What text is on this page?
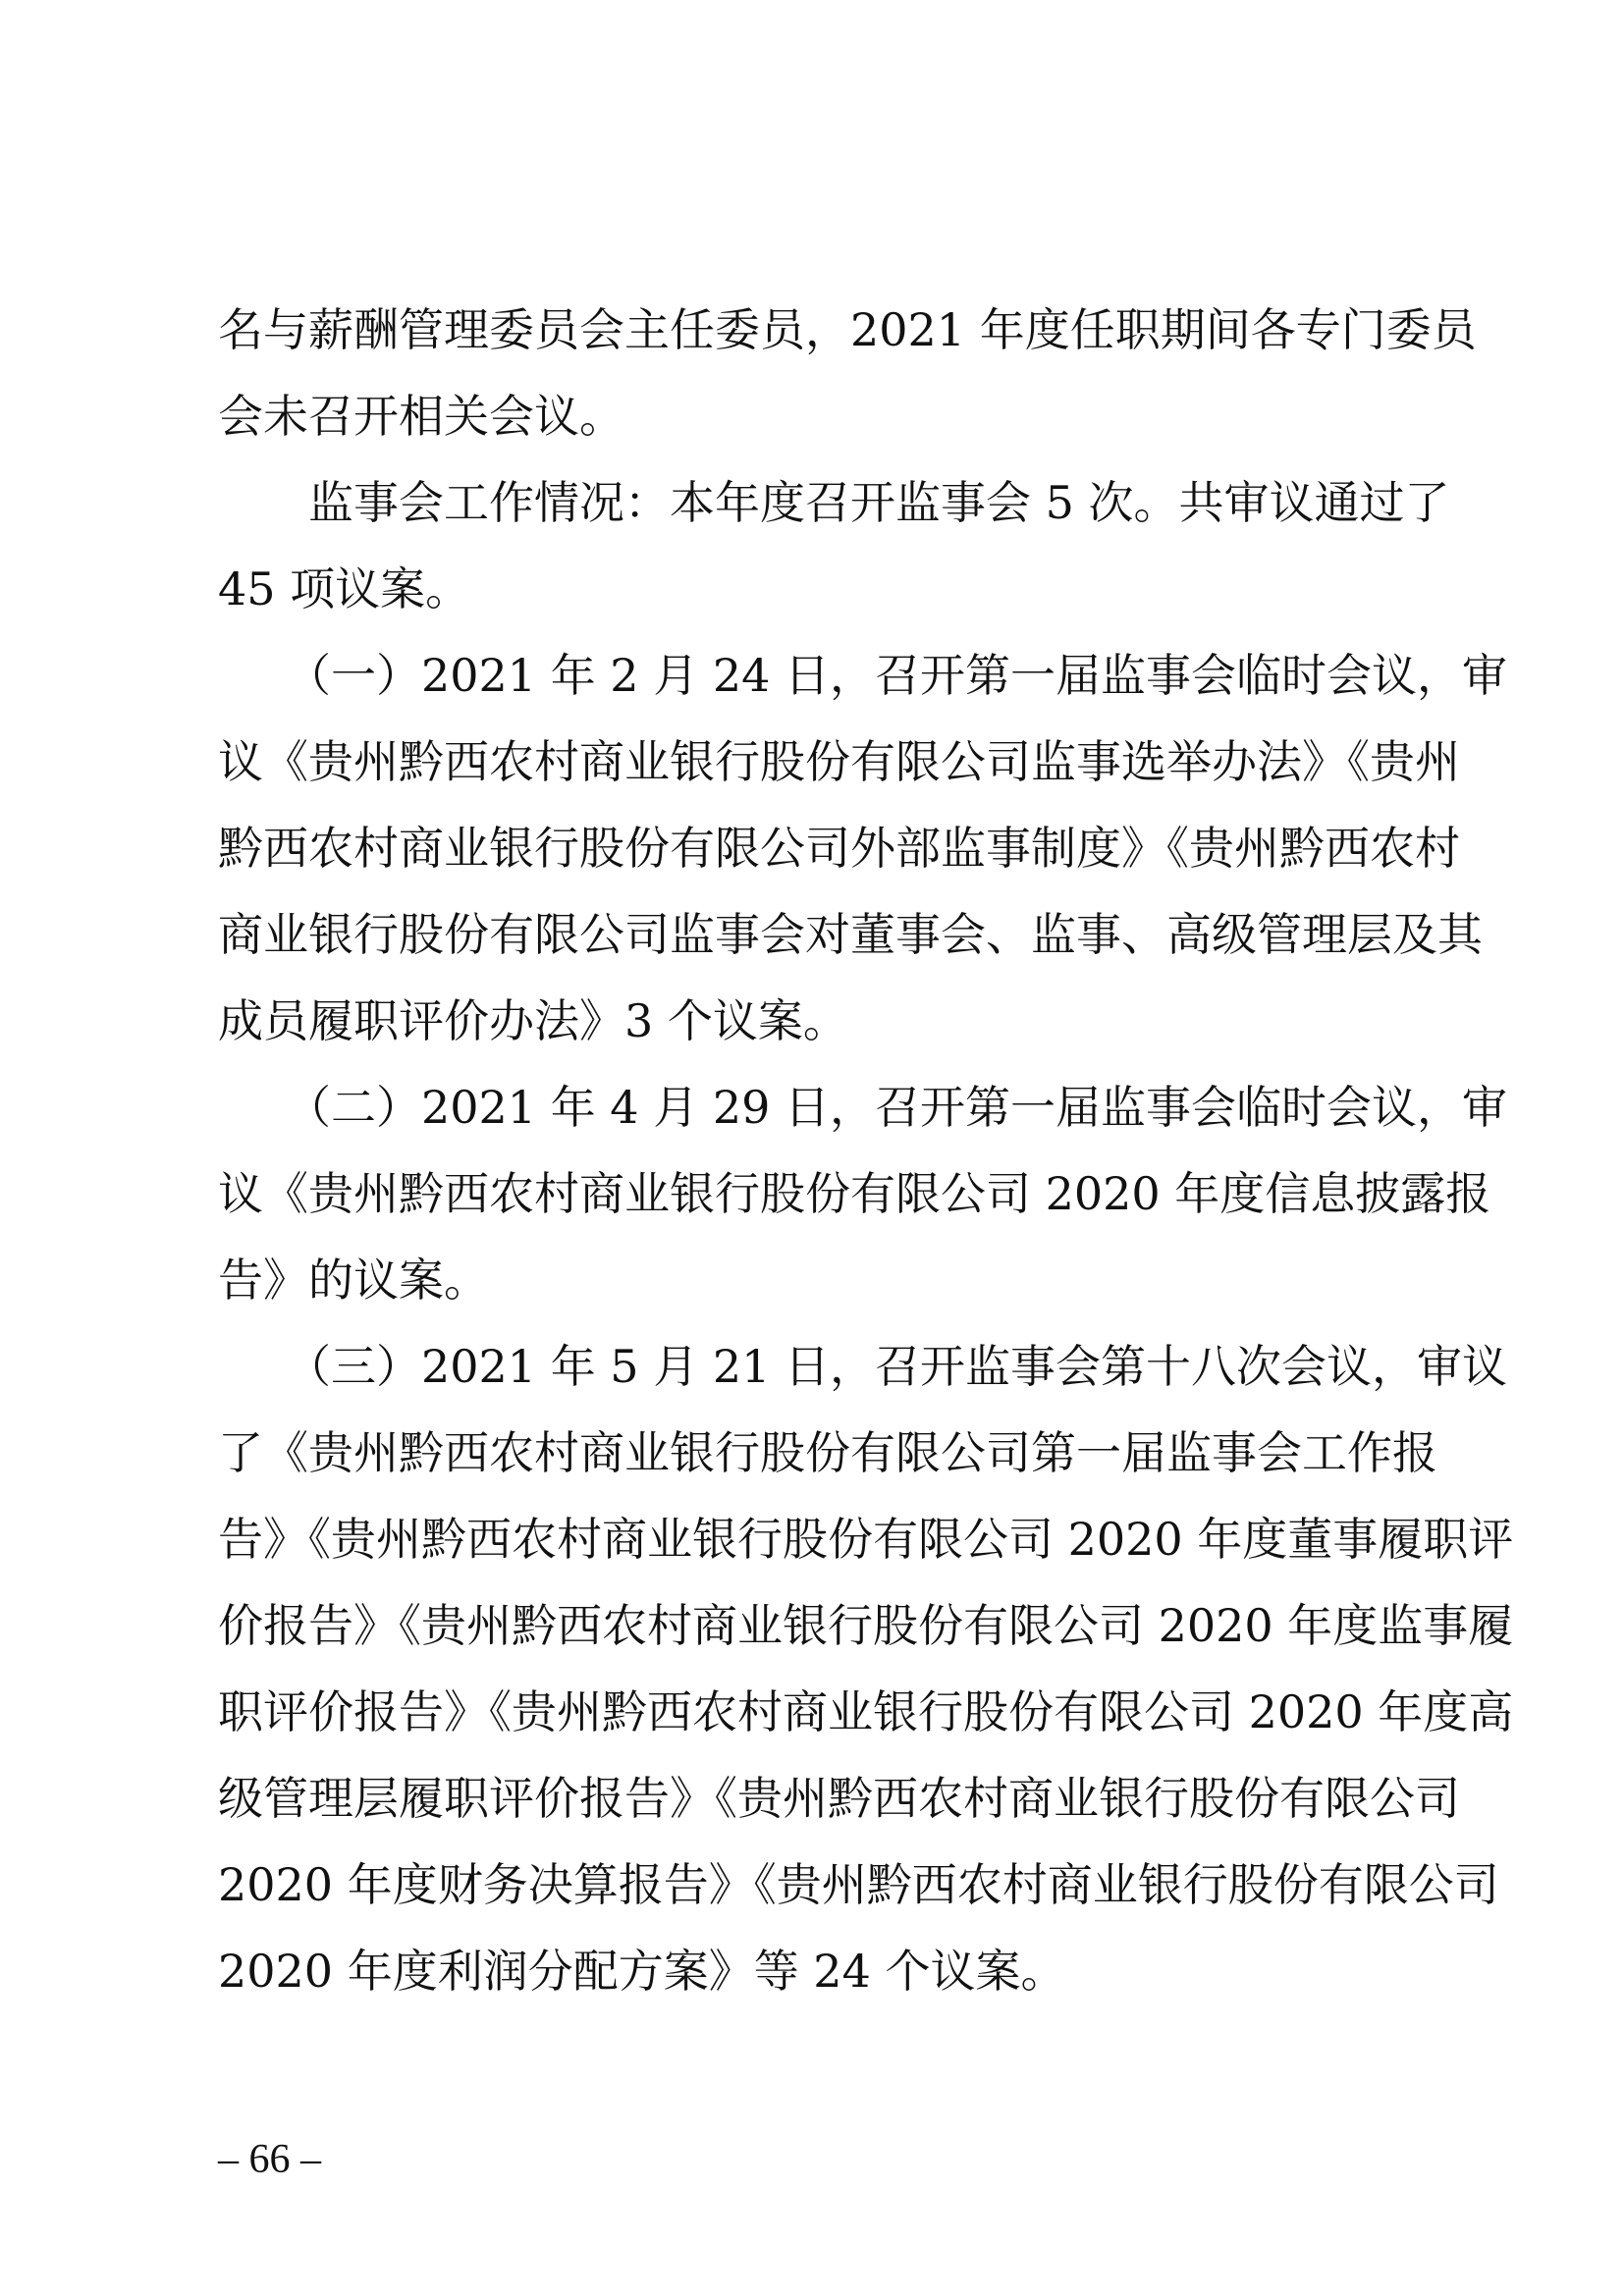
名与薪酬管理委员会主任委员，2021 年度任职期间各专门委员
会未召开相关会议。
　　监事会工作情况：本年度召开监事会 5 次。共审议通过了
45 项议案。
　　（一）2021 年 2 月 24 日，召开第一届监事会临时会议，审
议《贵州黔西农村商业银行股份有限公司监事选举办法》《贵州
黔西农村商业银行股份有限公司外部监事制度》《贵州黔西农村
商业银行股份有限公司监事会对董事会、监事、高级管理层及其
成员履职评价办法》3 个议案。
　　（二）2021 年 4 月 29 日，召开第一届监事会临时会议，审
议《贵州黔西农村商业银行股份有限公司 2020 年度信息披露报
告》的议案。
　　（三）2021 年 5 月 21 日，召开监事会第十八次会议，审议
了《贵州黔西农村商业银行股份有限公司第一届监事会工作报
告》《贵州黔西农村商业银行股份有限公司 2020 年度董事履职评
价报告》《贵州黔西农村商业银行股份有限公司 2020 年度监事履
职评价报告》《贵州黔西农村商业银行股份有限公司 2020 年度高
级管理层履职评价报告》《贵州黔西农村商业银行股份有限公司
2020 年度财务决算报告》《贵州黔西农村商业银行股份有限公司
2020 年度利润分配方案》等 24 个议案。
– 66 –
